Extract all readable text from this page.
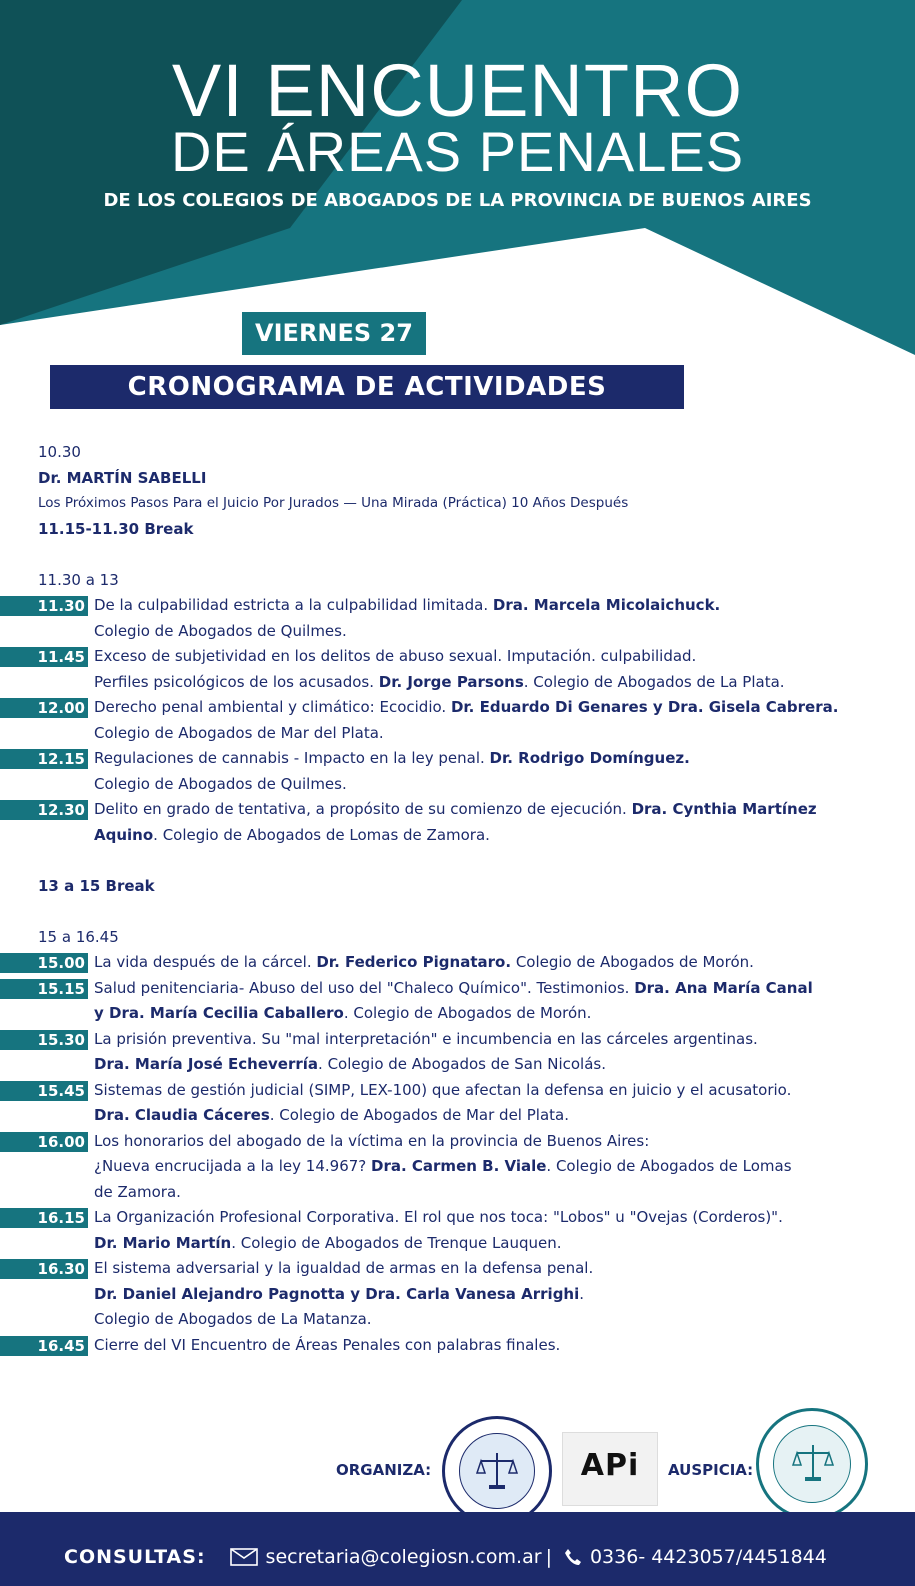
VI ENCUENTRO
DE ÁREAS PENALES
DE LOS COLEGIOS DE ABOGADOS DE LA PROVINCIA DE BUENOS AIRES
VIERNES 27
CRONOGRAMA DE ACTIVIDADES
10.30
Dr. MARTÍN SABELLI
Los Próximos Pasos Para el Juicio Por Jurados — Una Mirada (Práctica) 10 Años Después
11.15-11.30 Break
11.30 a 13
11.30 De la culpabilidad estricta a la culpabilidad limitada. Dra. Marcela Micolaichuck.
Colegio de Abogados de Quilmes.
11.45 Exceso de subjetividad en los delitos de abuso sexual. Imputación. culpabilidad.
Perfiles psicológicos de los acusados. Dr. Jorge Parsons. Colegio de Abogados de La Plata.
12.00 Derecho penal ambiental y climático: Ecocidio. Dr. Eduardo Di Genares y Dra. Gisela Cabrera.
Colegio de Abogados de Mar del Plata.
12.15 Regulaciones de cannabis - Impacto en la ley penal. Dr. Rodrigo Domínguez.
Colegio de Abogados de Quilmes.
12.30 Delito en grado de tentativa, a propósito de su comienzo de ejecución. Dra. Cynthia Martínez
Aquino. Colegio de Abogados de Lomas de Zamora.
13 a 15 Break
15 a 16.45
15.00 La vida después de la cárcel. Dr. Federico Pignataro. Colegio de Abogados de Morón.
15.15 Salud penitenciaria- Abuso del uso del "Chaleco Químico". Testimonios. Dra. Ana María Canal
y Dra. María Cecilia Caballero. Colegio de Abogados de Morón.
15.30 La prisión preventiva. Su "mal interpretación" e incumbencia en las cárceles argentinas.
Dra. María José Echeverría. Colegio de Abogados de San Nicolás.
15.45 Sistemas de gestión judicial (SIMP, LEX-100) que afectan la defensa en juicio y el acusatorio.
Dra. Claudia Cáceres. Colegio de Abogados de Mar del Plata.
16.00 Los honorarios del abogado de la víctima en la provincia de Buenos Aires:
¿Nueva encrucijada a la ley 14.967? Dra. Carmen B. Viale. Colegio de Abogados de Lomas
de Zamora.
16.15 La Organización Profesional Corporativa. El rol que nos toca: "Lobos" u "Ovejas (Corderos)".
Dr. Mario Martín. Colegio de Abogados de Trenque Lauquen.
16.30 El sistema adversarial y la igualdad de armas en la defensa penal.
Dr. Daniel Alejandro Pagnotta y Dra. Carla Vanesa Arrighi.
Colegio de Abogados de La Matanza.
16.45 Cierre del VI Encuentro de Áreas Penales con palabras finales.
ORGANIZA:	APi
AUSPICIA:
CONSULTAS:	secretaria@colegiosn.com.ar | 0336- 4423057/4451844
